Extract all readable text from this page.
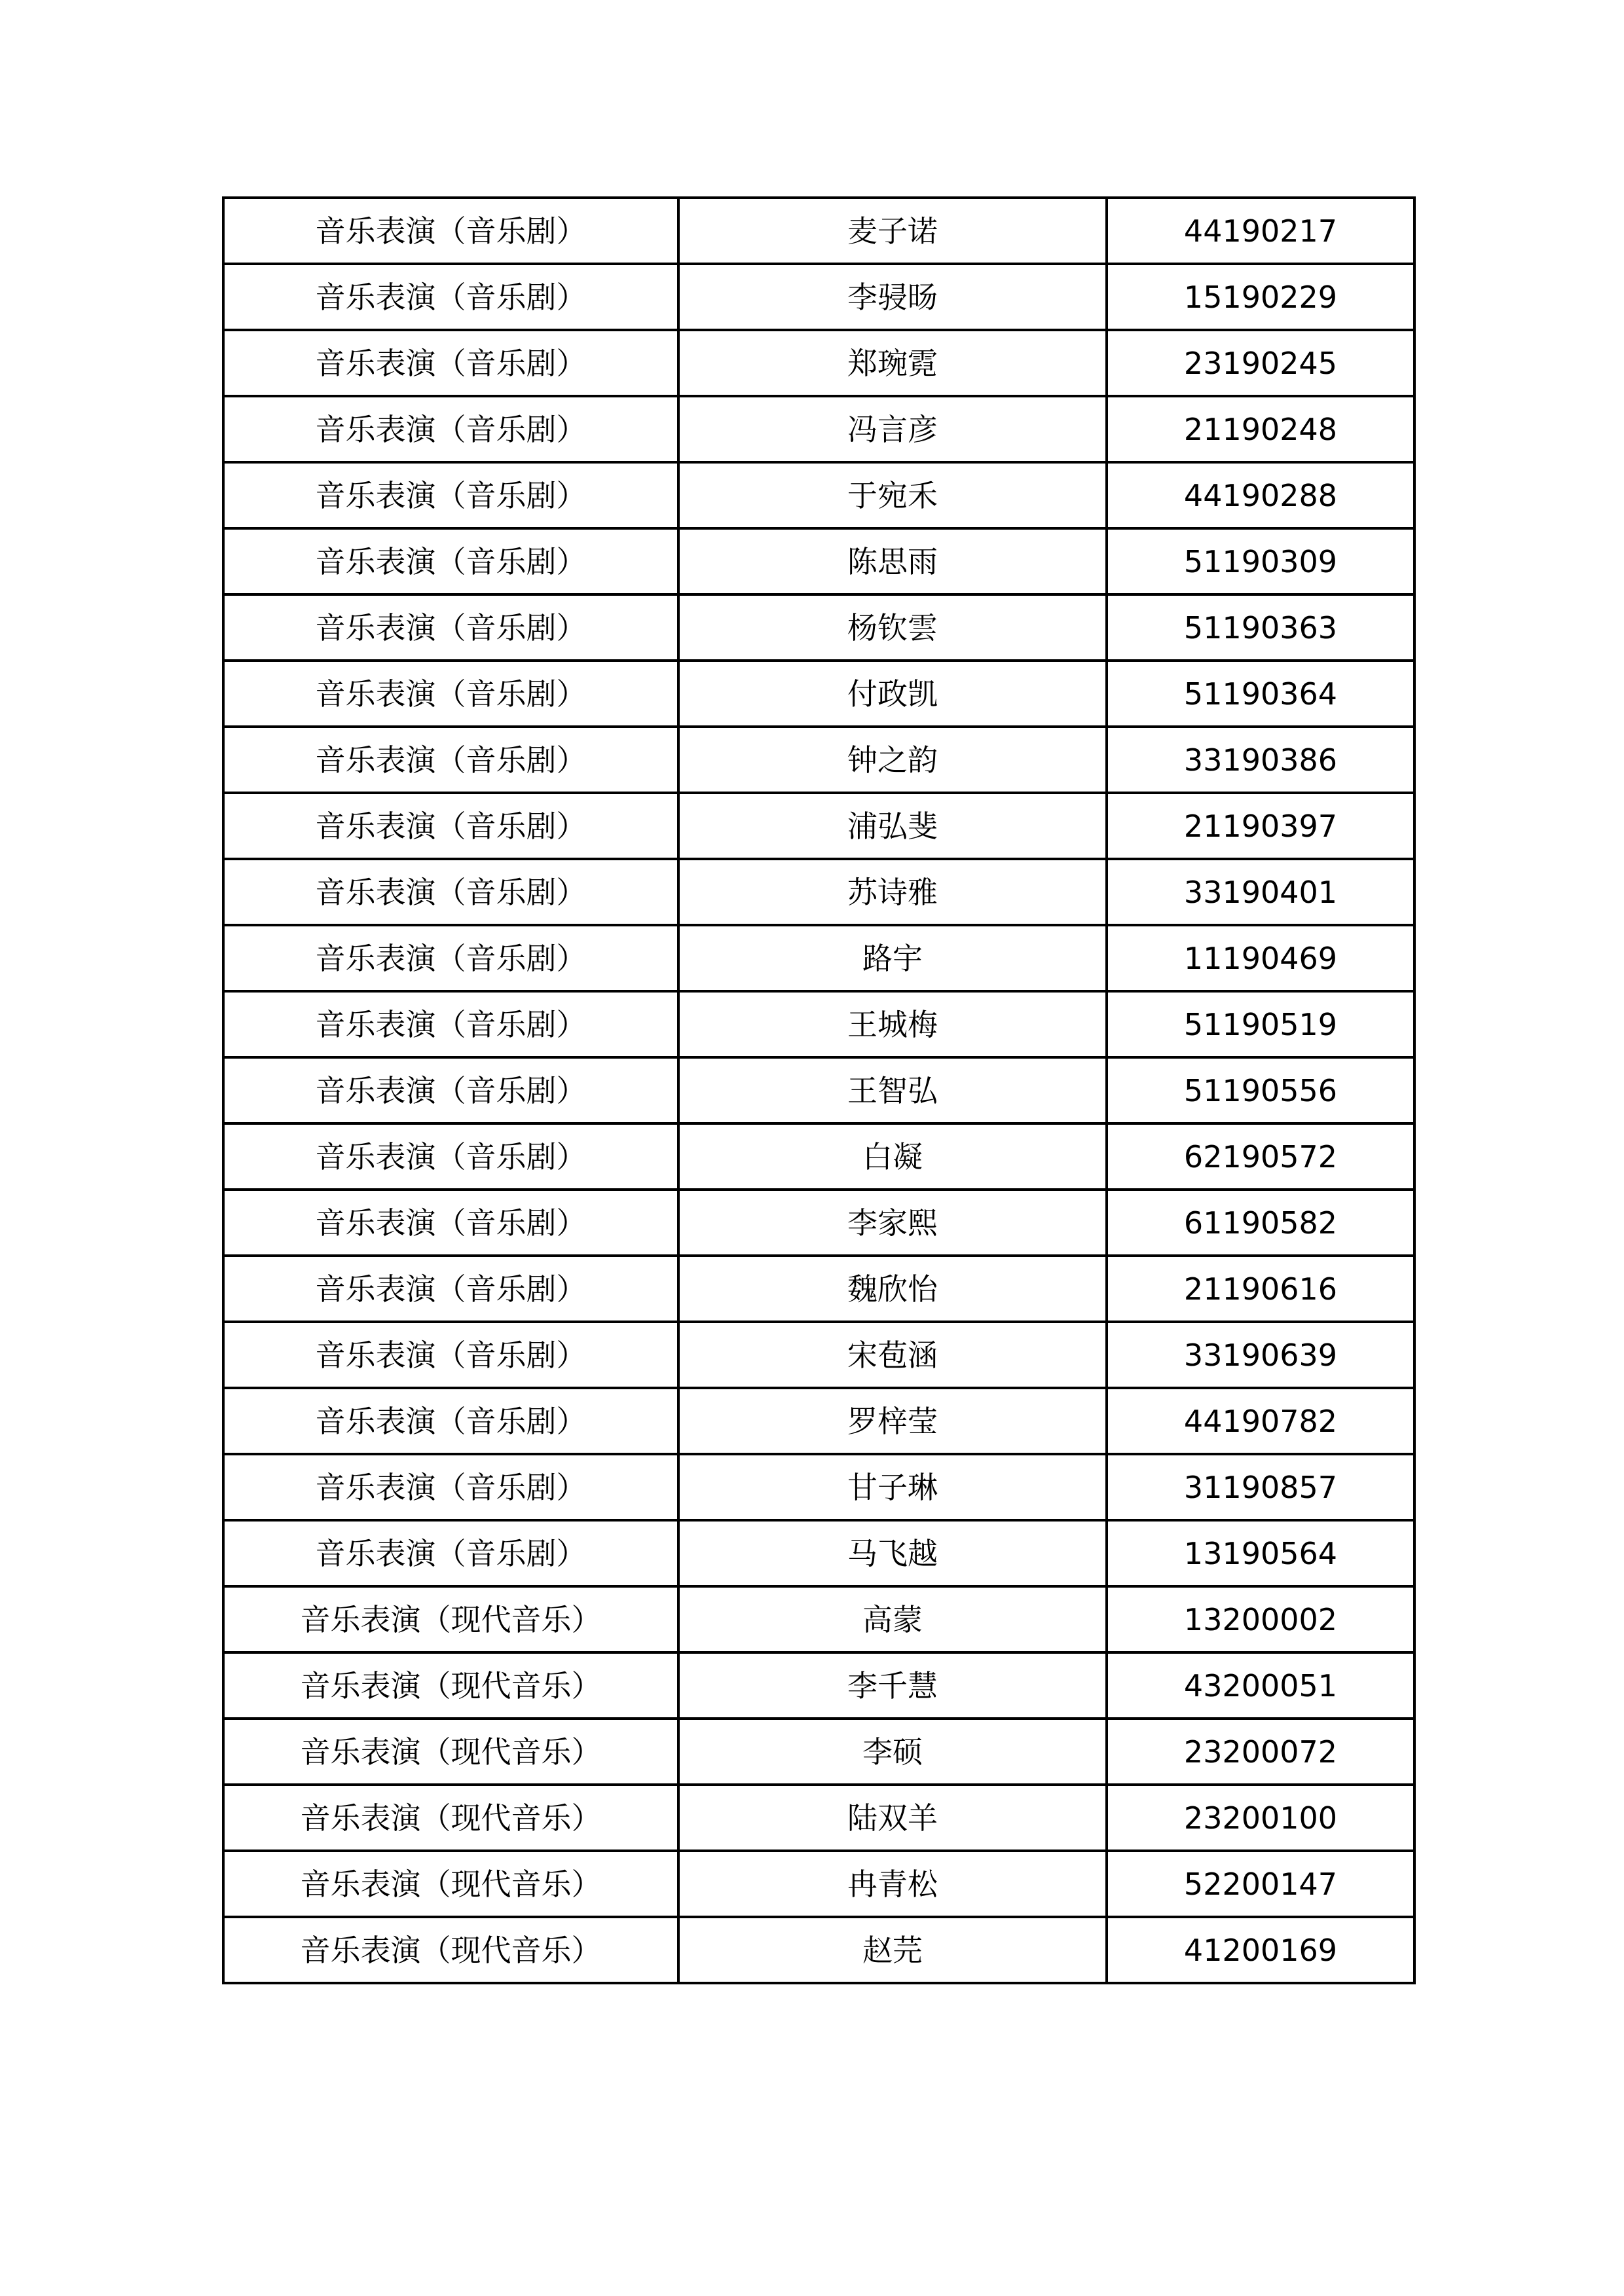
音乐表演（音乐剧）	麦子诺	44190217
音乐表演（音乐剧）	李骎旸	15190229
音乐表演（音乐剧）	郑琬霓	23190245
音乐表演（音乐剧）	冯言彦	21190248
音乐表演（音乐剧）	于宛禾	44190288
音乐表演（音乐剧）	陈思雨	51190309
音乐表演（音乐剧）	杨钦雲	51190363
音乐表演（音乐剧）	付政凯	51190364
音乐表演（音乐剧）	钟之韵	33190386
音乐表演（音乐剧）	浦弘斐	21190397
音乐表演（音乐剧）	苏诗雅	33190401
音乐表演（音乐剧）	路宇	11190469
音乐表演（音乐剧）	王城梅	51190519
音乐表演（音乐剧）	王智弘	51190556
音乐表演（音乐剧）	白凝	62190572
音乐表演（音乐剧）	李家熙	61190582
音乐表演（音乐剧）	魏欣怡	21190616
音乐表演（音乐剧）	宋苞涵	33190639
音乐表演（音乐剧）	罗梓莹	44190782
音乐表演（音乐剧）	甘子琳	31190857
音乐表演（音乐剧）	马飞越	13190564
音乐表演（现代音乐）	高蒙	13200002
音乐表演（现代音乐）	李千慧	43200051
音乐表演（现代音乐）	李硕	23200072
音乐表演（现代音乐）	陆双羊	23200100
音乐表演（现代音乐）	冉青松	52200147
音乐表演（现代音乐）	赵芫	41200169
